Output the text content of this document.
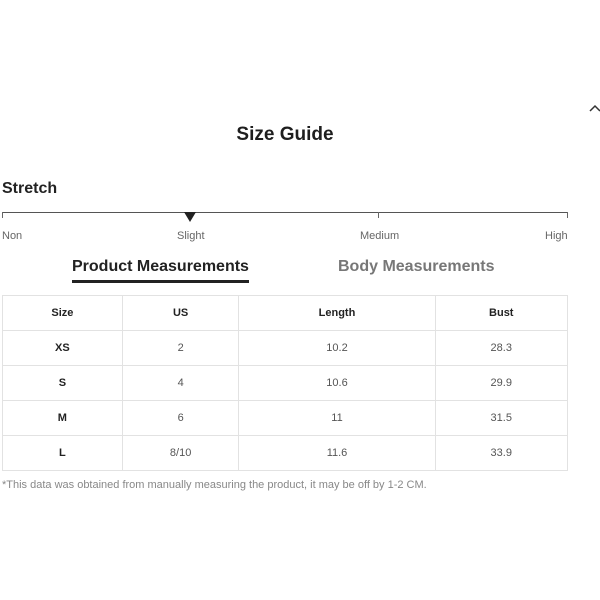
Size Guide
Stretch
Non	Slight	Medium	High
Product Measurements	Body Measurements
Size	US	Length	Bust
XS	2	10.2	28.3
S	4	10.6	29.9
M	6	11	31.5
L	8/10	11.6	33.9
*This data was obtained from manually measuring the product, it may be off by 1-2 CM.
